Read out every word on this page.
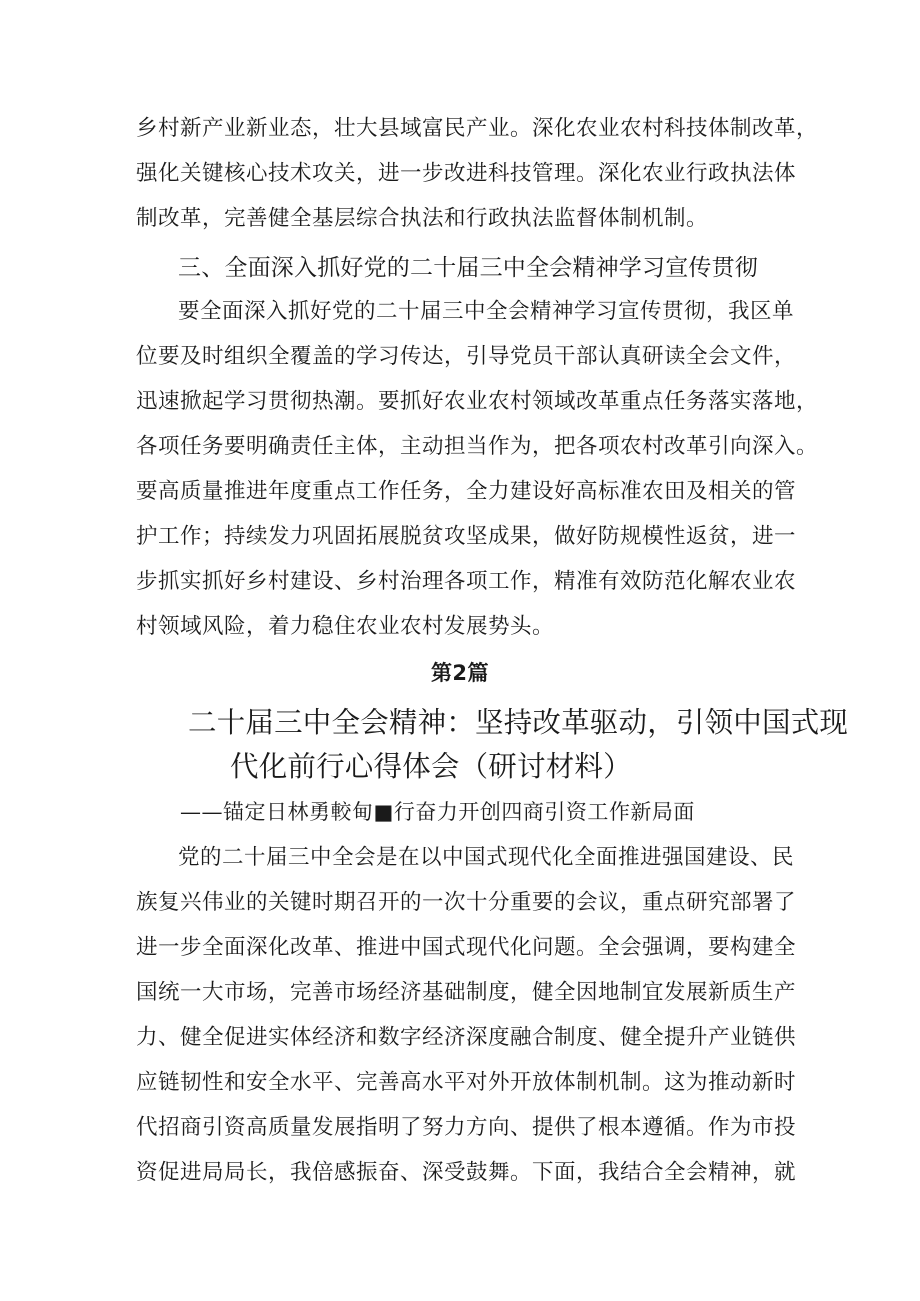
乡村新产业新业态，壮大县域富民产业。深化农业农村科技体制改革，
强化关键核心技术攻关，进一步改进科技管理。深化农业行政执法体
制改革，完善健全基层综合执法和行政执法监督体制机制。
三、全面深入抓好党的二十届三中全会精神学习宣传贯彻
要全面深入抓好党的二十届三中全会精神学习宣传贯彻，我区单
位要及时组织全覆盖的学习传达，引导党员干部认真研读全会文件，
迅速掀起学习贯彻热潮。要抓好农业农村领域改革重点任务落实落地，
各项任务要明确责任主体，主动担当作为，把各项农村改革引向深入。
要高质量推进年度重点工作任务，全力建设好高标准农田及相关的管
护工作；持续发力巩固拓展脱贫攻坚成果，做好防规模性返贫，进一
步抓实抓好乡村建设、乡村治理各项工作，精准有效防范化解农业农
村领域风险，着力稳住农业农村发展势头。
第2篇
二十届三中全会精神：坚持改革驱动，引领中国式现
代化前行心得体会（研讨材料）
——锚定日林勇較甸■行奋力开创四商引资工作新局面
党的二十届三中全会是在以中国式现代化全面推进强国建设、民
族复兴伟业的关键时期召开的一次十分重要的会议，重点研究部署了
进一步全面深化改革、推进中国式现代化问题。全会强调，要构建全
国统一大市场，完善市场经济基础制度，健全因地制宜发展新质生产
力、健全促进实体经济和数字经济深度融合制度、健全提升产业链供
应链韧性和安全水平、完善高水平对外开放体制机制。这为推动新时
代招商引资高质量发展指明了努力方向、提供了根本遵循。作为市投
资促进局局长，我倍感振奋、深受鼓舞。下面，我结合全会精神，就
